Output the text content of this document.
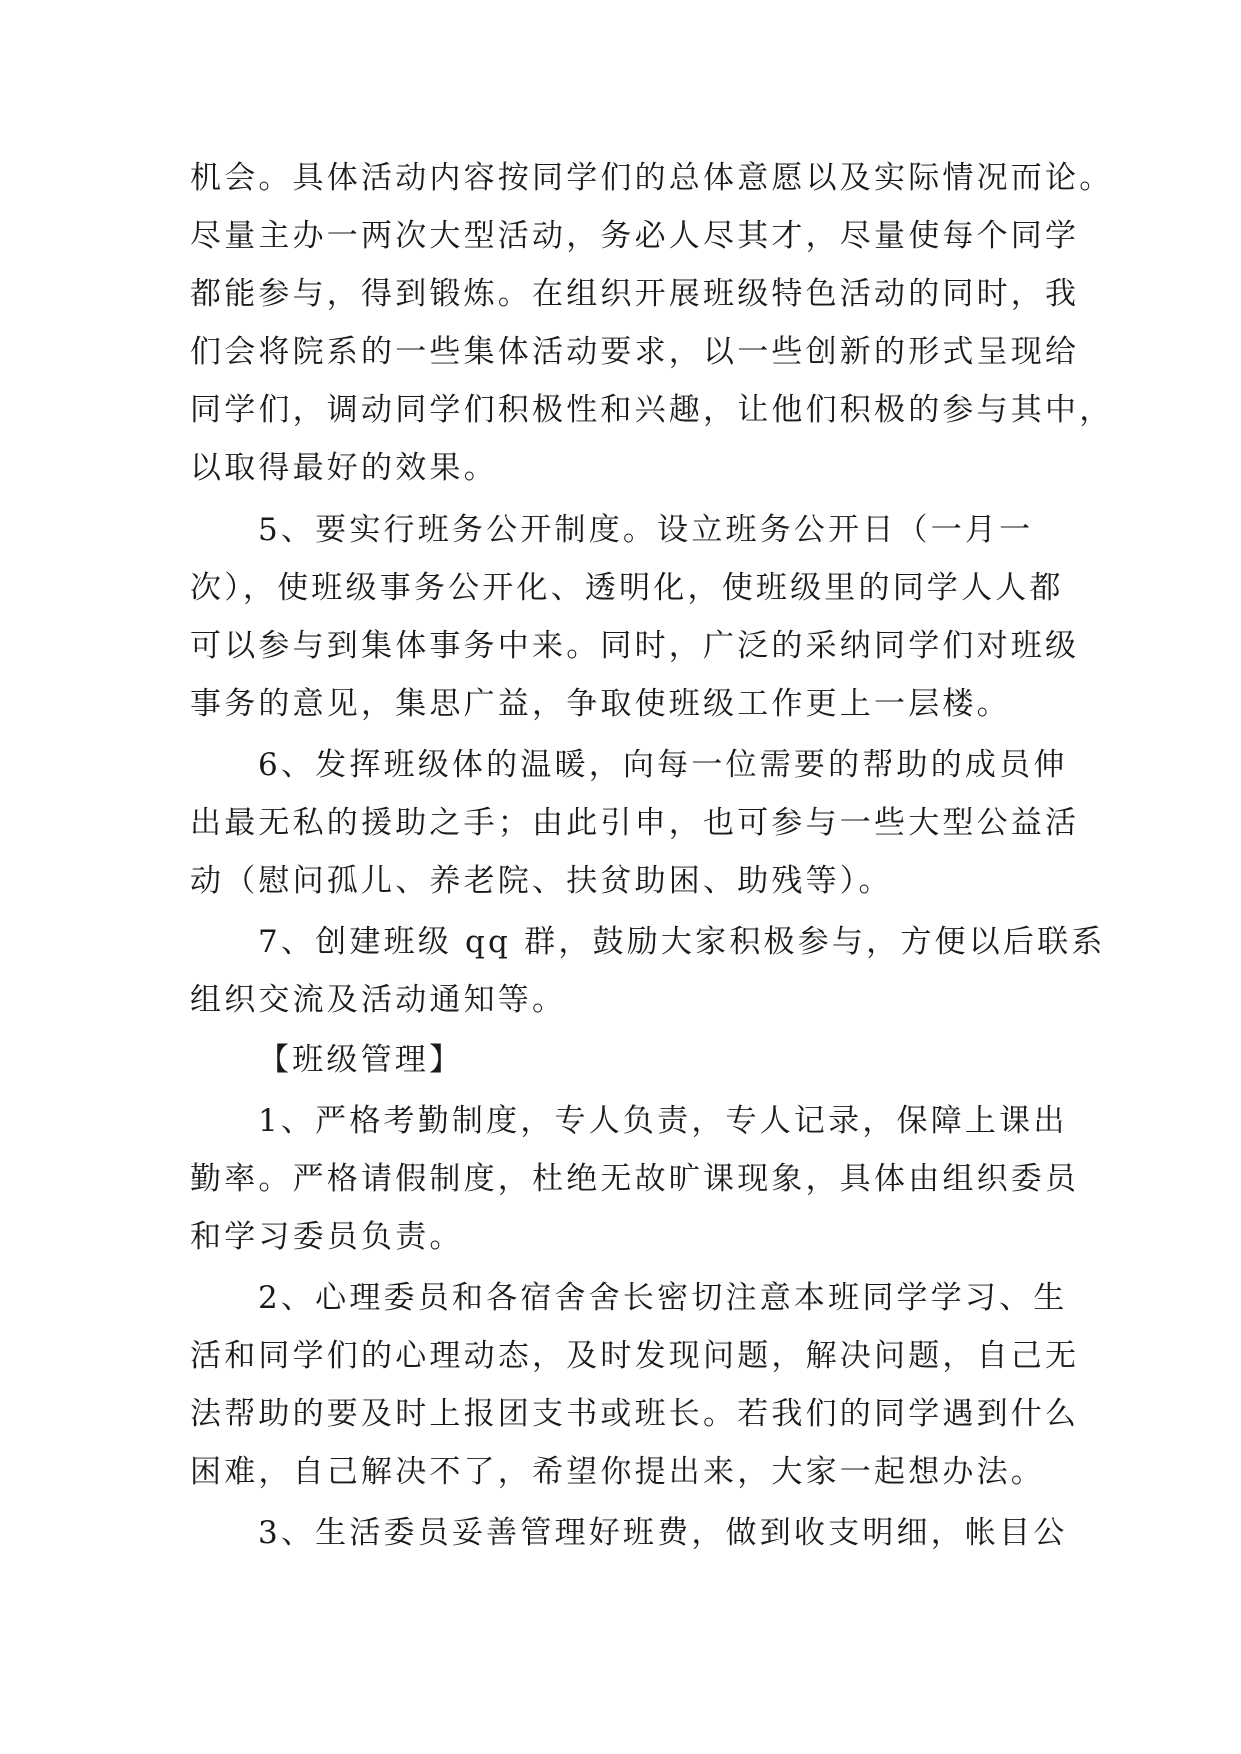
机会。具体活动内容按同学们的总体意愿以及实际情况而论。
尽量主办一两次大型活动，务必人尽其才，尽量使每个同学
都能参与，得到锻炼。在组织开展班级特色活动的同时，我
们会将院系的一些集体活动要求，以一些创新的形式呈现给
同学们，调动同学们积极性和兴趣，让他们积极的参与其中，
以取得最好的效果。
5、要实行班务公开制度。设立班务公开日（一月一
次），使班级事务公开化、透明化，使班级里的同学人人都
可以参与到集体事务中来。同时，广泛的采纳同学们对班级
事务的意见，集思广益，争取使班级工作更上一层楼。
6、发挥班级体的温暖，向每一位需要的帮助的成员伸
出最无私的援助之手；由此引申，也可参与一些大型公益活
动（慰问孤儿、养老院、扶贫助困、助残等）。
7、创建班级 qq 群，鼓励大家积极参与，方便以后联系
组织交流及活动通知等。
【班级管理】
1、严格考勤制度，专人负责，专人记录，保障上课出
勤率。严格请假制度，杜绝无故旷课现象，具体由组织委员
和学习委员负责。
2、心理委员和各宿舍舍长密切注意本班同学学习、生
活和同学们的心理动态，及时发现问题，解决问题，自己无
法帮助的要及时上报团支书或班长。若我们的同学遇到什么
困难，自己解决不了，希望你提出来，大家一起想办法。
3、生活委员妥善管理好班费，做到收支明细，帐目公
